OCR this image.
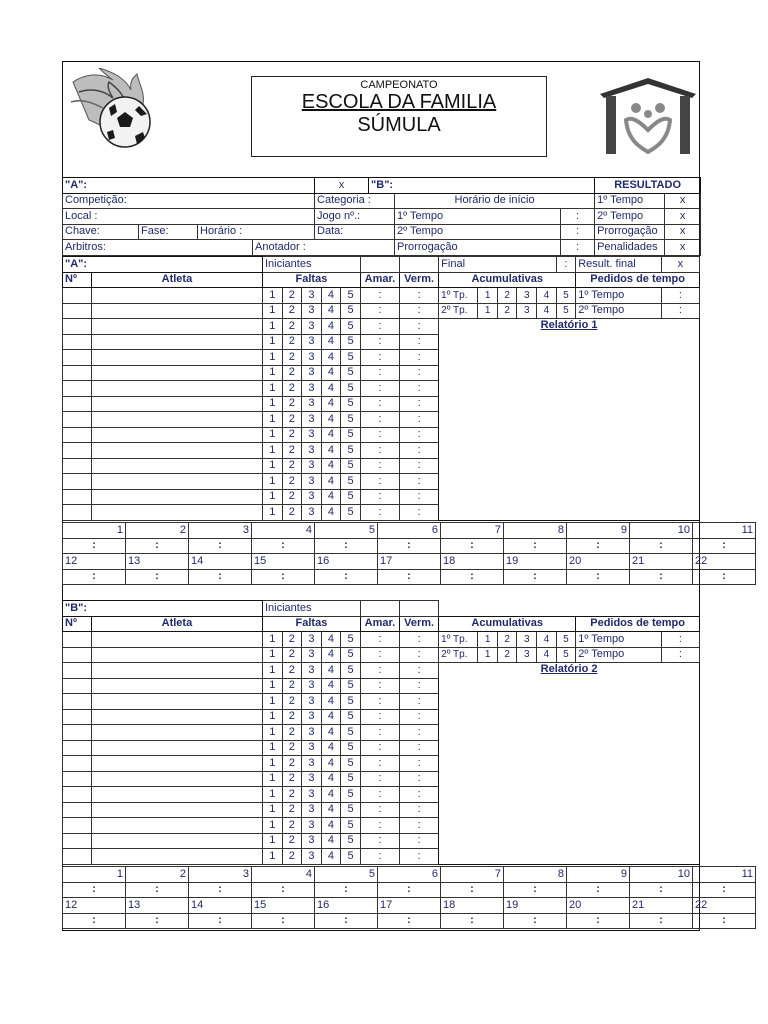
CAMPEONATO
ESCOLA DA FAMILIA
SÚMULA
"A":				x	"B":			RESULTADO	
Competição:				Categoria :		Horário de início		1º Tempo	x
Local :				Jogo nº.:		1º Tempo	:	2º Tempo	x
Chave:	Fase:	Horário :		Data:		2º Tempo	:	Prorrogação	x
Arbitros:			Anotador :			Prorrogação	:	Penalidades	x
"A":		Iniciantes							Final					:	Result. final	x
Nº	Atleta	Faltas					Amar.	Verm.	Acumulativas						Pedidos de tempo	
		1	2	3	4	5	:	:	1º Tp.	1	2	3	4	5	1º Tempo	:
		1	2	3	4	5	:	:	2º Tp.	1	2	3	4	5	2º Tempo	:
		1	2	3	4	5	:	:	Relatório 1							
		1	2	3	4	5	:	:								
		1	2	3	4	5	:	:								
		1	2	3	4	5	:	:								
		1	2	3	4	5	:	:								
		1	2	3	4	5	:	:								
		1	2	3	4	5	:	:								
		1	2	3	4	5	:	:								
		1	2	3	4	5	:	:								
		1	2	3	4	5	:	:								
		1	2	3	4	5	:	:								
		1	2	3	4	5	:	:								
		1	2	3	4	5	:	:								
1	2	3	4	5	6	7	8	9	10	11
:	:	:	:	:	:	:	:	:	:	:
12	13	14	15	16	17	18	19	20	21	22
:	:	:	:	:	:	:	:	:	:	:
"B":		Iniciantes														
Nº	Atleta	Faltas					Amar.	Verm.	Acumulativas						Pedidos de tempo	
		1	2	3	4	5	:	:	1º Tp.	1	2	3	4	5	1º Tempo	:
		1	2	3	4	5	:	:	2º Tp.	1	2	3	4	5	2º Tempo	:
		1	2	3	4	5	:	:	Relatório 2							
		1	2	3	4	5	:	:								
		1	2	3	4	5	:	:								
		1	2	3	4	5	:	:								
		1	2	3	4	5	:	:								
		1	2	3	4	5	:	:								
		1	2	3	4	5	:	:								
		1	2	3	4	5	:	:								
		1	2	3	4	5	:	:								
		1	2	3	4	5	:	:								
		1	2	3	4	5	:	:								
		1	2	3	4	5	:	:								
		1	2	3	4	5	:	:								
1	2	3	4	5	6	7	8	9	10	11
:	:	:	:	:	:	:	:	:	:	:
12	13	14	15	16	17	18	19	20	21	22
:	:	:	:	:	:	:	:	:	:	:
